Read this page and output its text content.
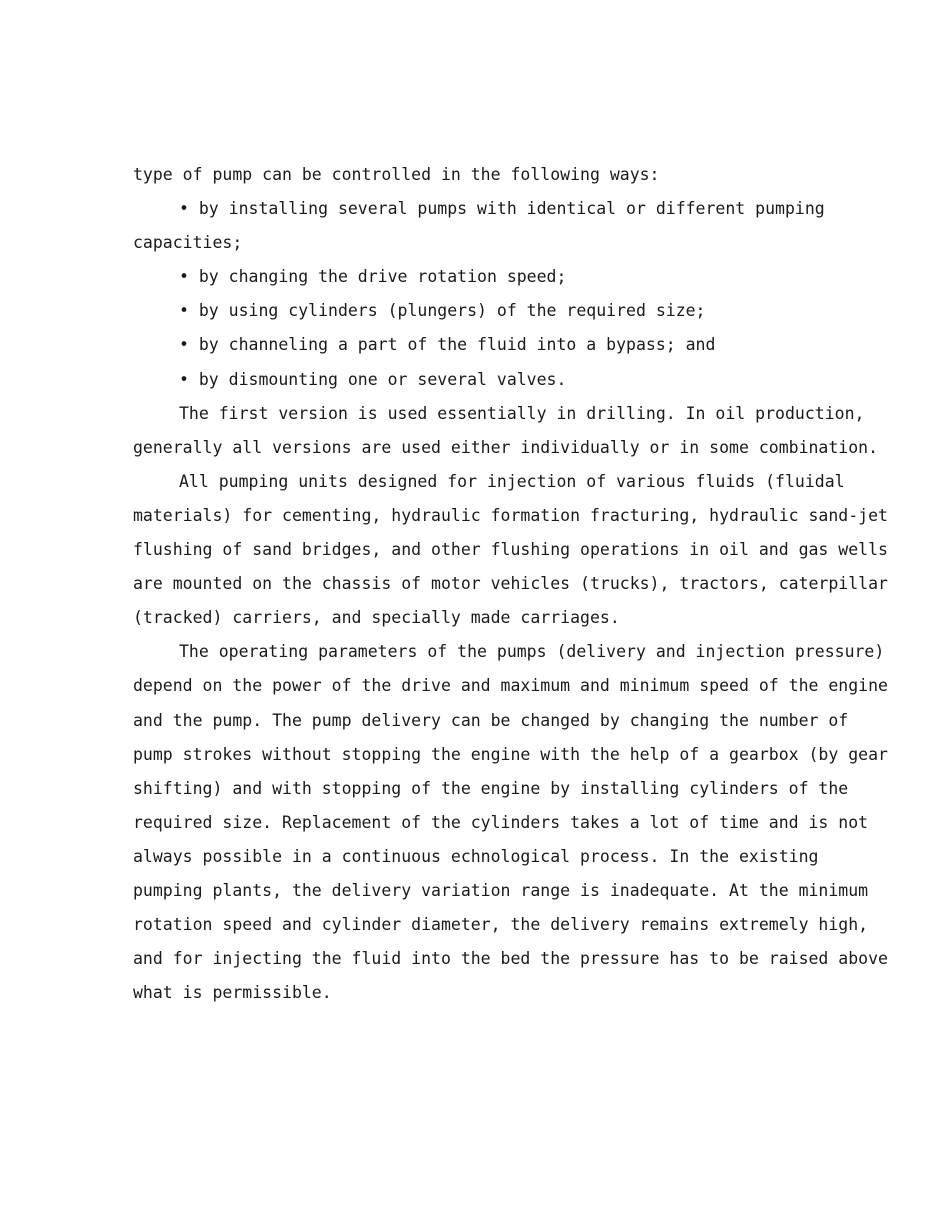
type of pump can be controlled in the following ways:
• by installing several pumps with identical or different pumping
capacities;
• by changing the drive rotation speed;
• by using cylinders (plungers) of the required size;
• by channeling a part of the fluid into a bypass; and
• by dismounting one or several valves.
The first version is used essentially in drilling. In oil production,
generally all versions are used either individually or in some combination.
All pumping units designed for injection of various fluids (fluidal
materials) for cementing, hydraulic formation fracturing, hydraulic sand-jet
flushing of sand bridges, and other flushing operations in oil and gas wells
are mounted on the chassis of motor vehicles (trucks), tractors, caterpillar
(tracked) carriers, and specially made carriages.
The operating parameters of the pumps (delivery and injection pressure)
depend on the power of the drive and maximum and minimum speed of the engine
and the pump. The pump delivery can be changed by changing the number of
pump strokes without stopping the engine with the help of a gearbox (by gear
shifting) and with stopping of the engine by installing cylinders of the
required size. Replacement of the cylinders takes a lot of time and is not
always possible in a continuous echnological process. In the existing
pumping plants, the delivery variation range is inadequate. At the minimum
rotation speed and cylinder diameter, the delivery remains extremely high,
and for injecting the fluid into the bed the pressure has to be raised above
what is permissible.
